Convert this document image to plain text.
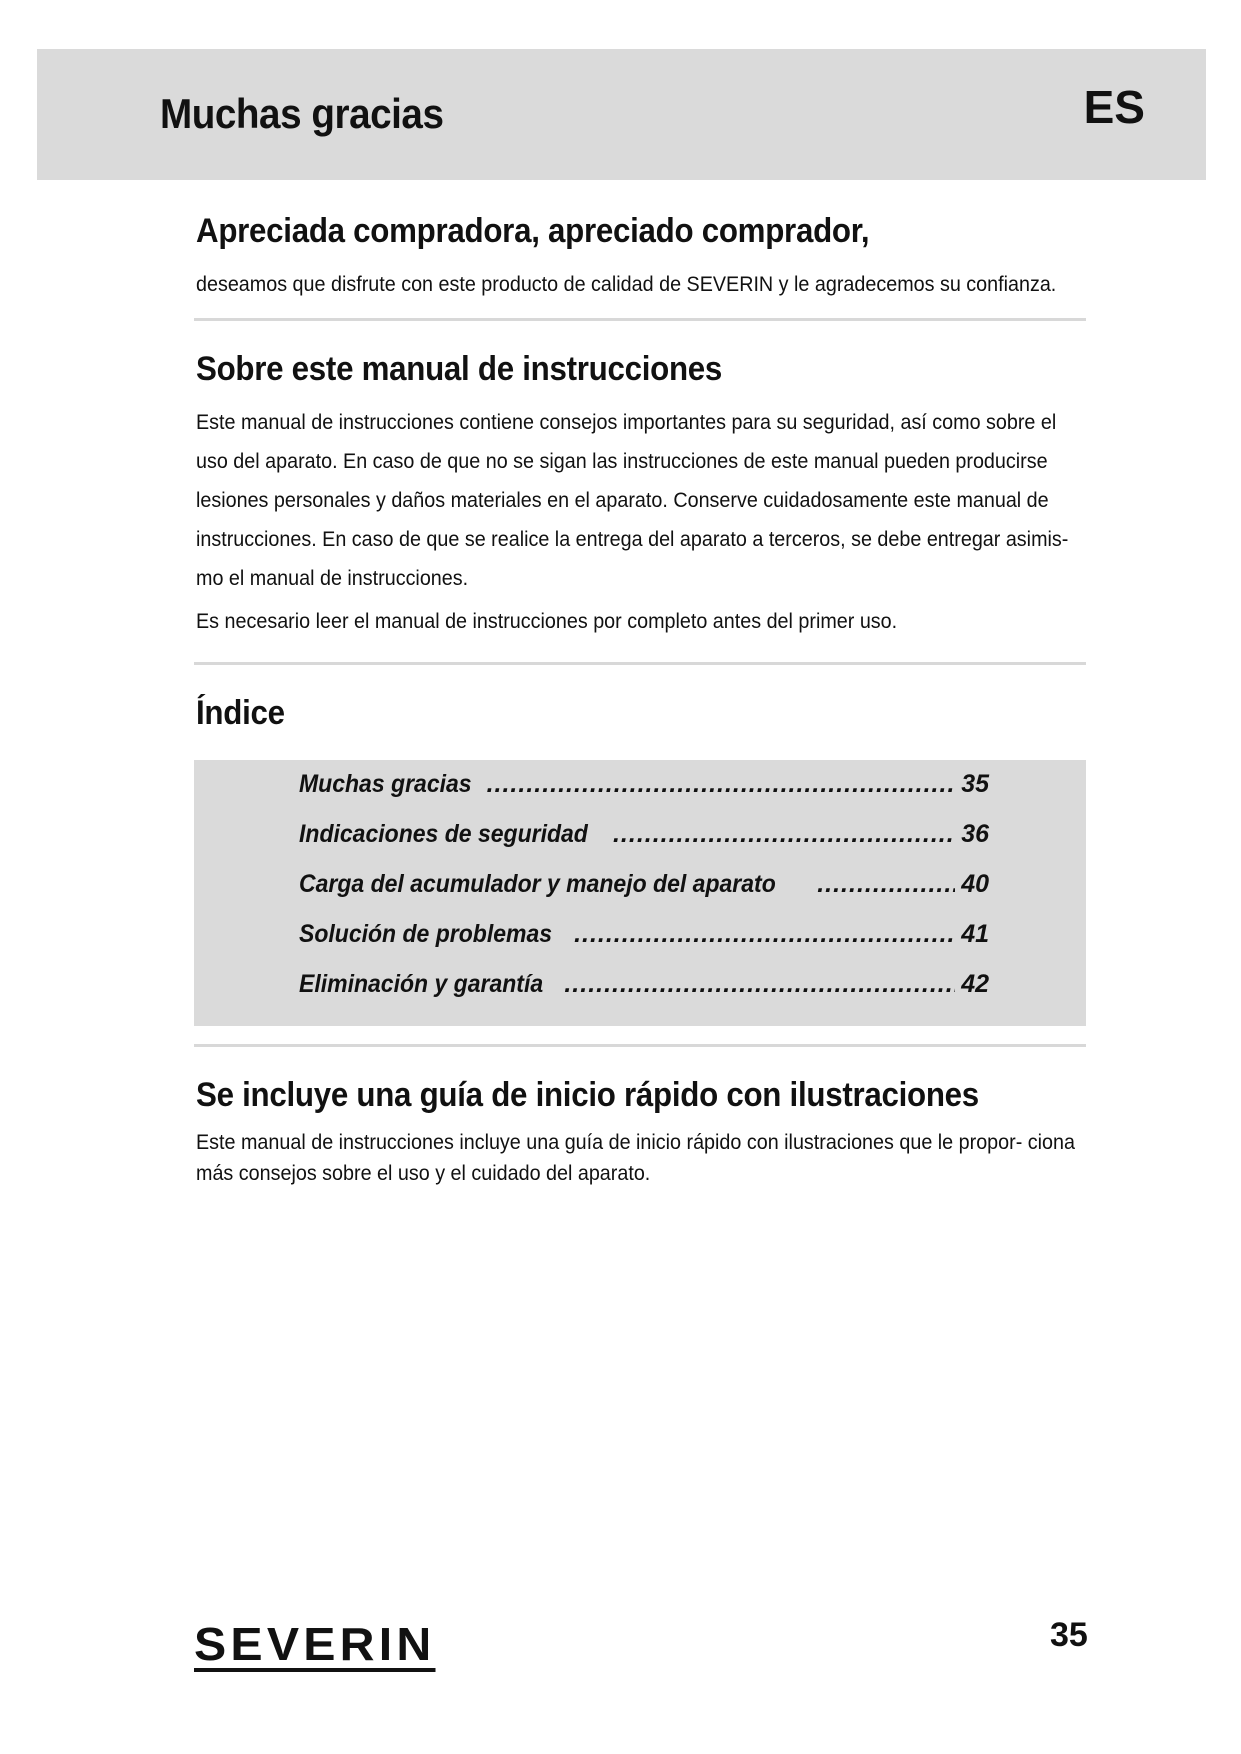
Muchas gracias	ES
Apreciada compradora, apreciado comprador,

deseamos que disfrute con este producto de calidad de SEVERIN y le agradecemos su confianza.

Sobre este manual de instrucciones

Este manual de instrucciones contiene consejos importantes para su seguridad, así como sobre el uso del aparato. En caso de que no se sigan las instrucciones de este manual pueden producirse lesiones personales y daños materiales en el aparato. Conserve cuidadosamente este manual de instrucciones. En caso de que se realice la entrega del aparato a terceros, se debe entregar asimis- mo el manual de instrucciones.

Es necesario leer el manual de instrucciones por completo antes del primer uso.

Índice
Muchas gracias .....	35
Indicaciones de seguridad .....	36
Carga del acumulador y manejo del aparato .....	40
Solución de problemas .....	41
Eliminación y garantía .....	42
Se incluye una guía de inicio rápido con ilustraciones

Este manual de instrucciones incluye una guía de inicio rápido con ilustraciones que le propor- ciona más consejos sobre el uso y el cuidado del aparato.

SEVERIN	35
